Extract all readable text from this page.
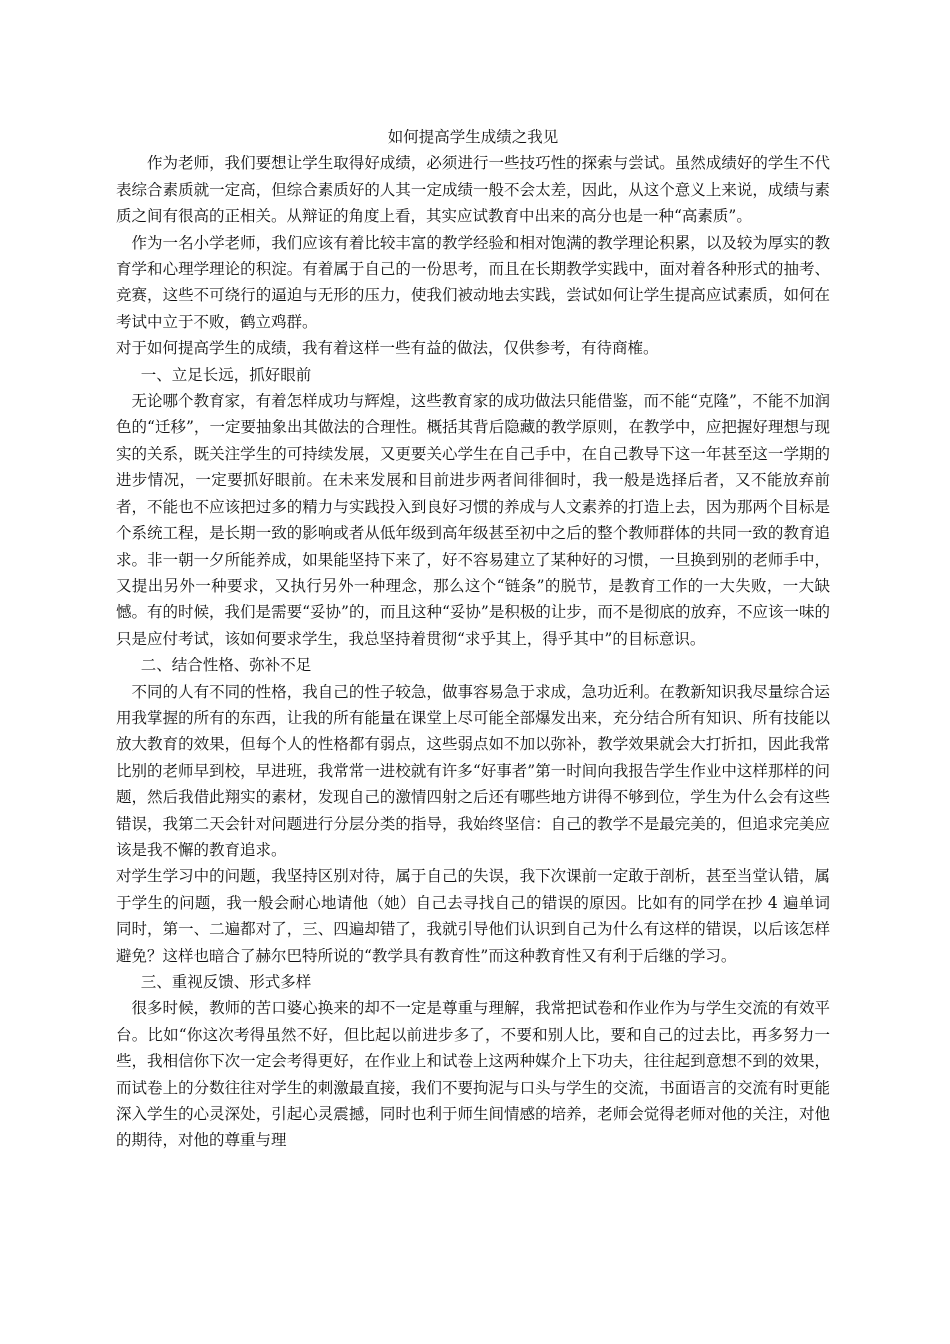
如何提高学生成绩之我见

作为老师，我们要想让学生取得好成绩，必须进行一些技巧性的探索与尝试。虽然成绩好的学生不代表综合素质就一定高，但综合素质好的人其一定成绩一般不会太差，因此，从这个意义上来说，成绩与素质之间有很高的正相关。从辩证的角度上看，其实应试教育中出来的高分也是一种“高素质”。

作为一名小学老师，我们应该有着比较丰富的教学经验和相对饱满的教学理论积累，以及较为厚实的教育学和心理学理论的积淀。有着属于自己的一份思考，而且在长期教学实践中，面对着各种形式的抽考、竞赛，这些不可绕行的逼迫与无形的压力，使我们被动地去实践，尝试如何让学生提高应试素质，如何在考试中立于不败，鹤立鸡群。

对于如何提高学生的成绩，我有着这样一些有益的做法，仅供参考，有待商榷。

一、立足长远，抓好眼前

无论哪个教育家，有着怎样成功与辉煌，这些教育家的成功做法只能借鉴，而不能“克隆”，不能不加润色的“迁移”，一定要抽象出其做法的合理性。概括其背后隐藏的教学原则，在教学中，应把握好理想与现实的关系，既关注学生的可持续发展，又更要关心学生在自己手中，在自己教导下这一年甚至这一学期的进步情况，一定要抓好眼前。在未来发展和目前进步两者间徘徊时，我一般是选择后者，又不能放弃前者，不能也不应该把过多的精力与实践投入到良好习惯的养成与人文素养的打造上去，因为那两个目标是个系统工程，是长期一致的影响或者从低年级到高年级甚至初中之后的整个教师群体的共同一致的教育追求。非一朝一夕所能养成，如果能坚持下来了，好不容易建立了某种好的习惯，一旦换到别的老师手中，又提出另外一种要求，又执行另外一种理念，那么这个“链条”的脱节，是教育工作的一大失败，一大缺憾。有的时候，我们是需要“妥协”的，而且这种“妥协”是积极的让步，而不是彻底的放弃，不应该一味的只是应付考试，该如何要求学生，我总坚持着贯彻“求乎其上，得乎其中”的目标意识。

二、结合性格、弥补不足

不同的人有不同的性格，我自己的性子较急，做事容易急于求成，急功近利。在教新知识我尽量综合运用我掌握的所有的东西，让我的所有能量在课堂上尽可能全部爆发出来，充分结合所有知识、所有技能以放大教育的效果，但每个人的性格都有弱点，这些弱点如不加以弥补，教学效果就会大打折扣，因此我常比别的老师早到校，早进班，我常常一进校就有许多“好事者”第一时间向我报告学生作业中这样那样的问题，然后我借此翔实的素材，发现自己的激情四射之后还有哪些地方讲得不够到位，学生为什么会有这些错误，我第二天会针对问题进行分层分类的指导，我始终坚信：自己的教学不是最完美的，但追求完美应该是我不懈的教育追求。

对学生学习中的问题，我坚持区别对待，属于自己的失误，我下次课前一定敢于剖析，甚至当堂认错，属于学生的问题，我一般会耐心地请他（她）自己去寻找自己的错误的原因。比如有的同学在抄 4 遍单词同时，第一、二遍都对了，三、四遍却错了，我就引导他们认识到自己为什么有这样的错误，以后该怎样避免？这样也暗合了赫尔巴特所说的“教学具有教育性”而这种教育性又有利于后继的学习。

三、重视反馈、形式多样

很多时候，教师的苦口婆心换来的却不一定是尊重与理解，我常把试卷和作业作为与学生交流的有效平台。比如“你这次考得虽然不好，但比起以前进步多了，不要和别人比，要和自己的过去比，再多努力一些，我相信你下次一定会考得更好，在作业上和试卷上这两种媒介上下功夫，往往起到意想不到的效果，而试卷上的分数往往对学生的刺激最直接，我们不要拘泥与口头与学生的交流，书面语言的交流有时更能深入学生的心灵深处，引起心灵震撼，同时也利于师生间情感的培养，老师会觉得老师对他的关注，对他的期待，对他的尊重与理
